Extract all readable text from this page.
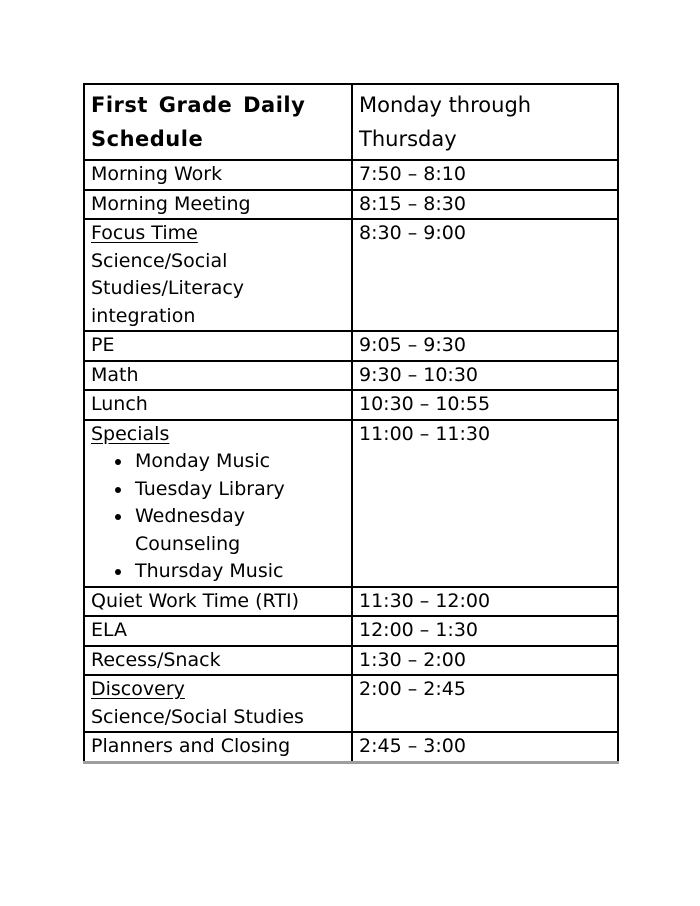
First Grade Daily Schedule	Monday through Thursday

Morning Work	7:50 – 8:10
Morning Meeting	8:15 – 8:30

Focus Time
Science/Social Studies/Literacy integration	8:30 – 9:00
PE	9:05 – 9:30
Math	9:30 – 10:30
Lunch	10:30 – 10:55

Specials
• Monday Music
• Tuesday Library
• Wednesday Counseling
• Thursday Music
	11:00 – 11:30
Quiet Work Time (RTI)	11:30 – 12:00
ELA	12:00 – 1:30
Recess/Snack	1:30 – 2:00

Discovery
Science/Social Studies	2:00 – 2:45
Planners and Closing	2:45 – 3:00
